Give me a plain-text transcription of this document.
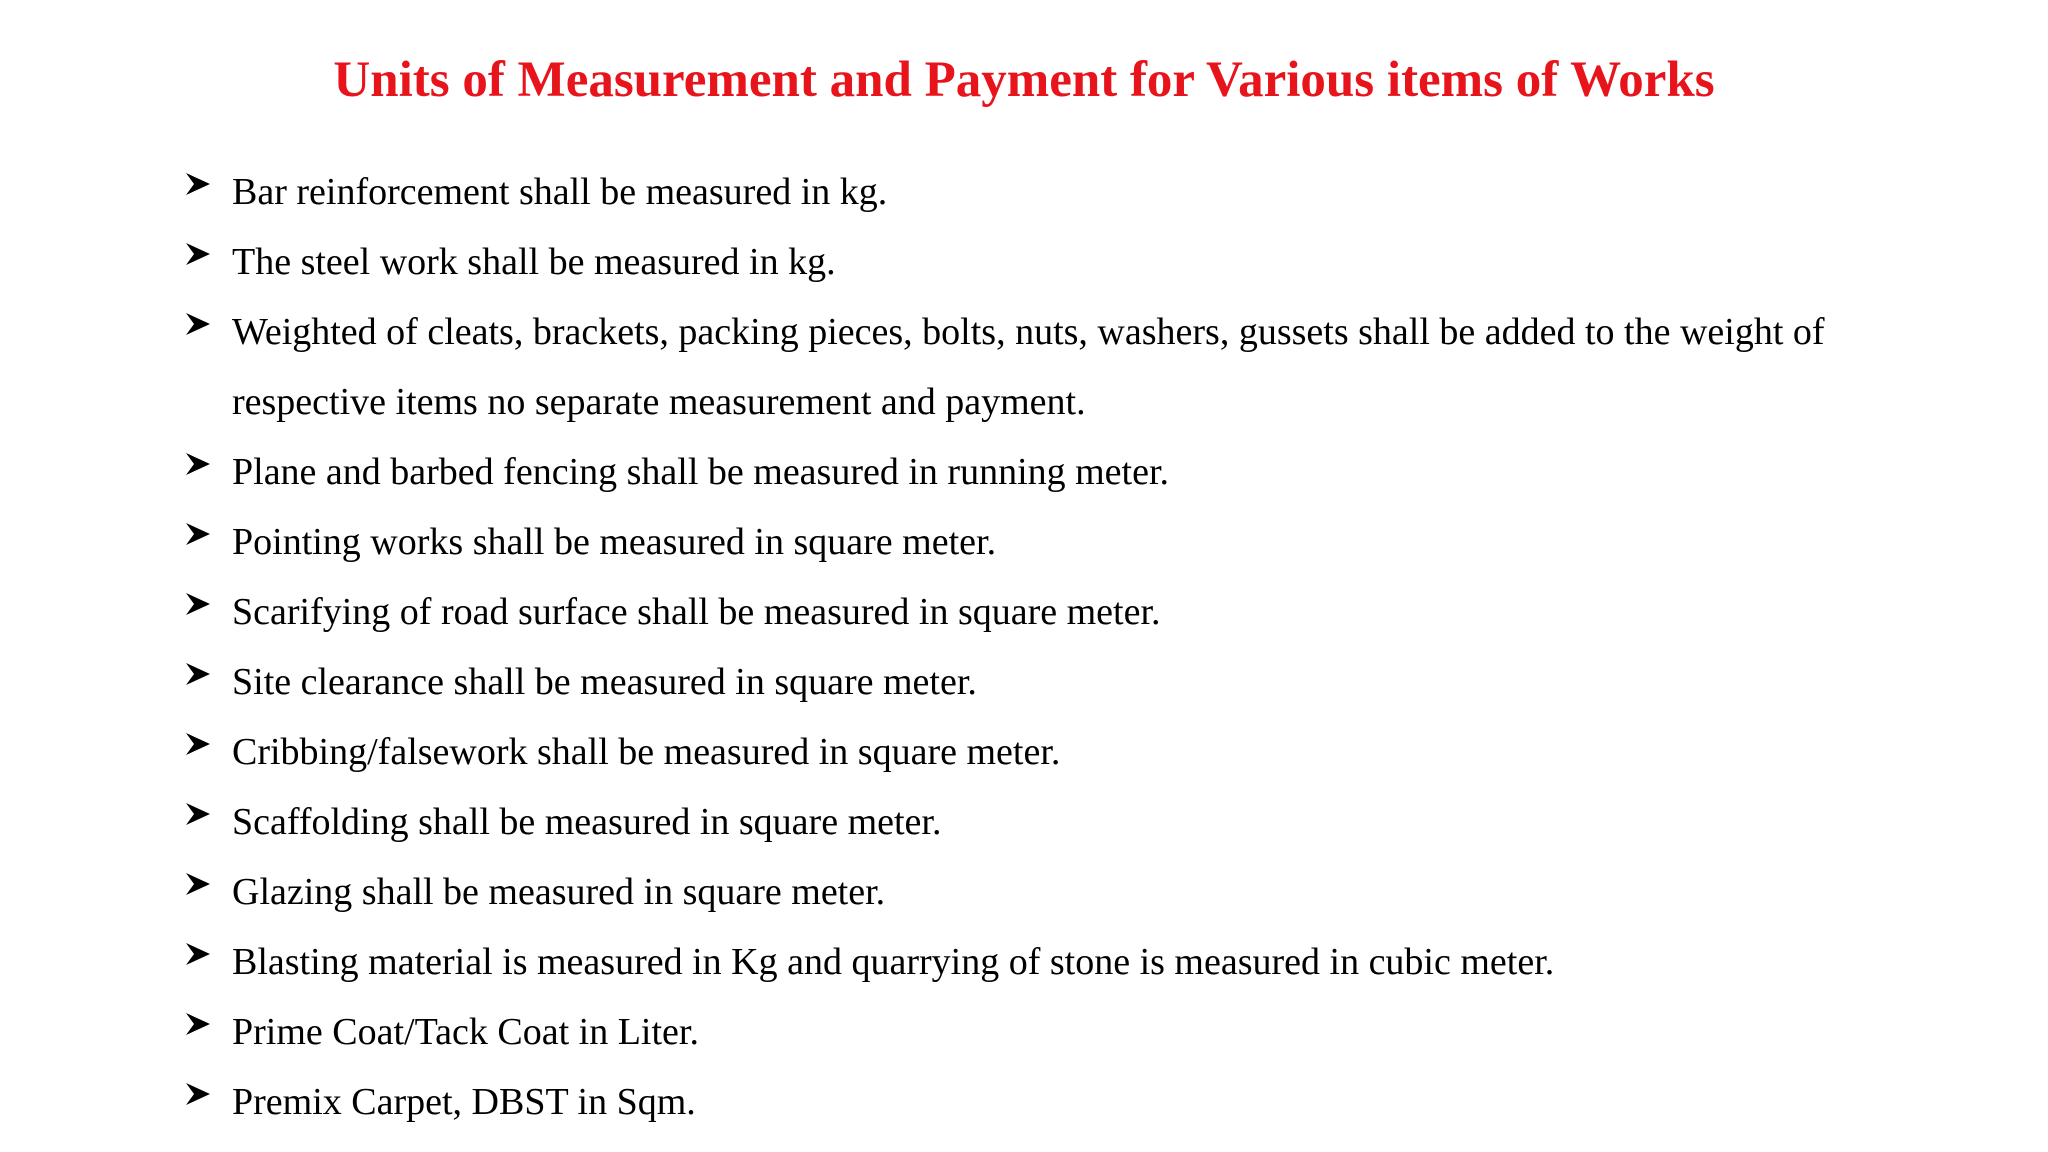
Units of Measurement and Payment for Various items of Works
Bar reinforcement shall be measured in kg.
The steel work shall be measured in kg.
Weighted of cleats, brackets, packing pieces, bolts, nuts, washers, gussets shall be added to the weight of respective items no separate measurement and payment.
Plane and barbed fencing shall be measured in running meter.
Pointing works shall be measured in square meter.
Scarifying of road surface shall be measured in square meter.
Site clearance shall be measured in square meter.
Cribbing/falsework shall be measured in square meter.
Scaffolding shall be measured in square meter.
Glazing shall be measured in square meter.
Blasting material is measured in Kg and quarrying of stone is measured in cubic meter.
Prime Coat/Tack Coat in Liter.
Premix Carpet, DBST in Sqm.
